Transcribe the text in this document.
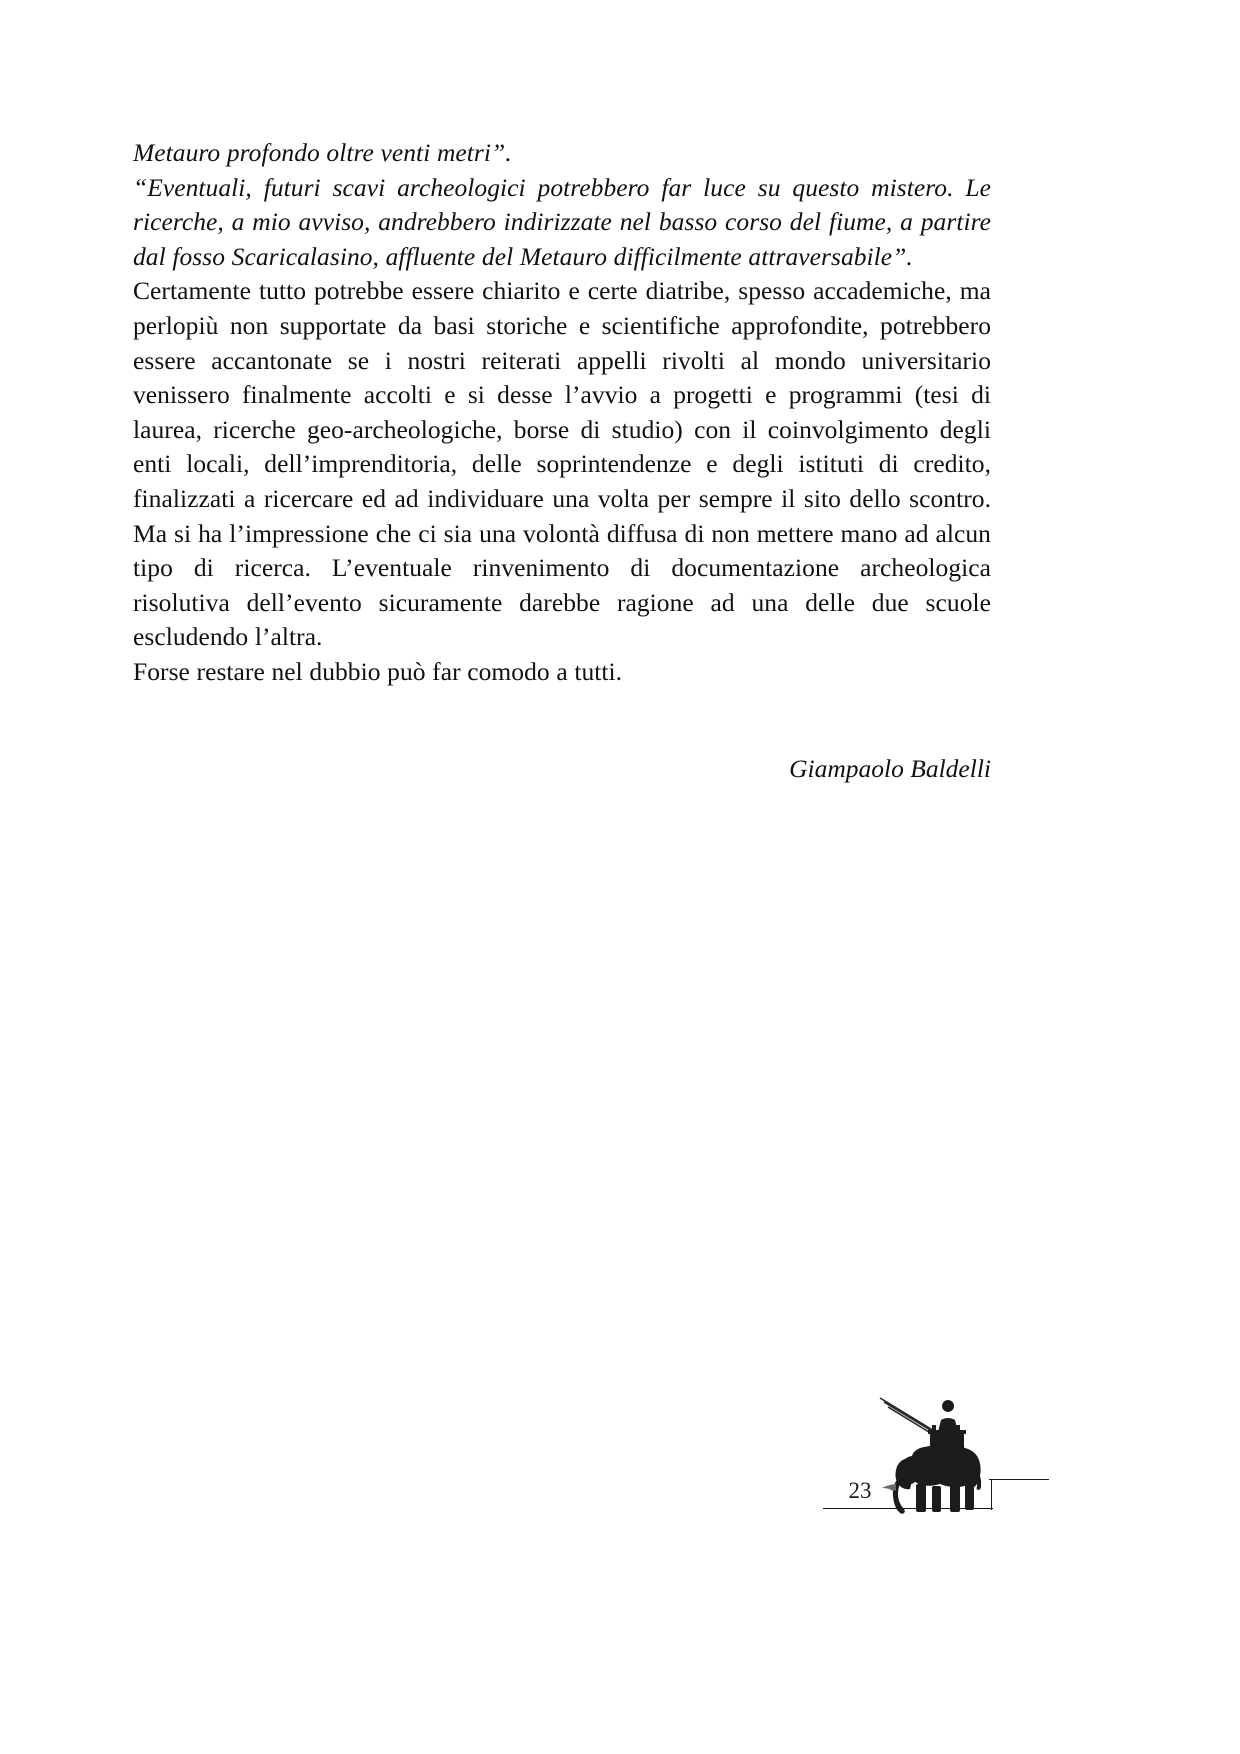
Metauro profondo oltre venti metri”.

“Eventuali, futuri scavi archeologici potrebbero far luce su questo mistero. Le ricerche, a mio avviso, andrebbero indirizzate nel basso corso del fiume, a partire dal fosso Scaricalasino, affluente del Metauro difficilmente attraversabile”.

Certamente tutto potrebbe essere chiarito e certe diatribe, spesso accademiche, ma perlopiù non supportate da basi storiche e scientifiche approfondite, potrebbero essere accantonate se i nostri reiterati appelli rivolti al mondo universitario venissero finalmente accolti e si desse l’avvio a progetti e programmi (tesi di laurea, ricerche geo-archeologiche, borse di studio) con il coinvolgimento degli enti locali, dell’imprenditoria, delle soprintendenze e degli istituti di credito, finalizzati a ricercare ed ad individuare una volta per sempre il sito dello scontro. Ma si ha l’impressione che ci sia una volontà diffusa di non mettere mano ad alcun tipo di ricerca. L’eventuale rinvenimento di documentazione archeologica risolutiva dell’evento sicuramente darebbe ragione ad una delle due scuole escludendo l’altra.

Forse restare nel dubbio può far comodo a tutti.

Giampaolo Baldelli
23
